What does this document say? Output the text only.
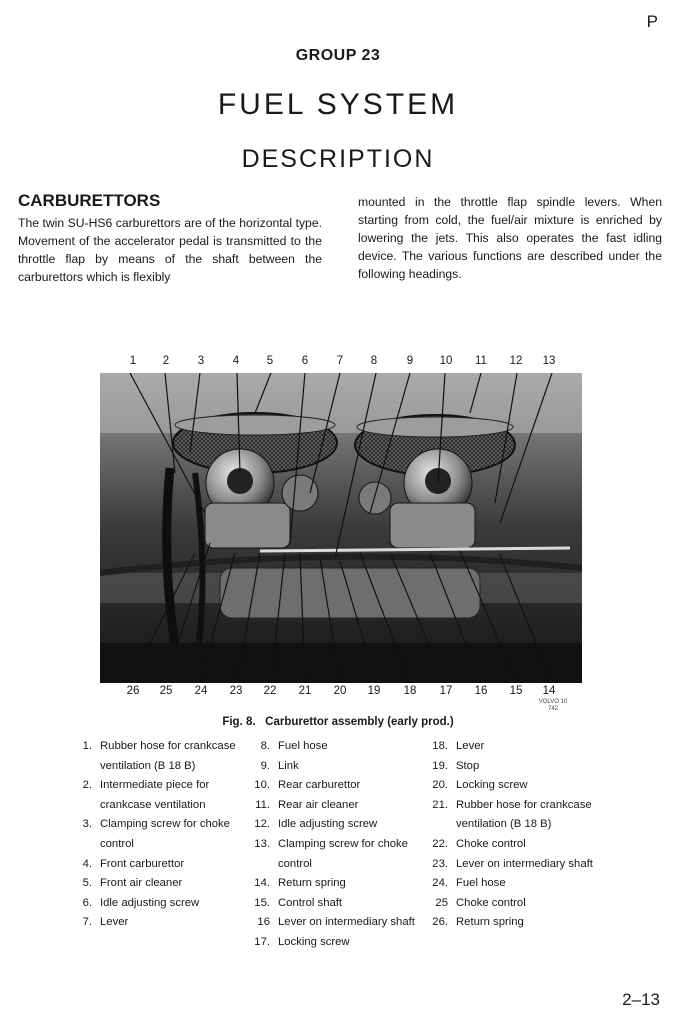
P
GROUP 23
FUEL SYSTEM
DESCRIPTION
CARBURETTORS
The twin SU-HS6 carburettors are of the horizontal type. Movement of the accelerator pedal is transmitted to the throttle flap by means of the shaft between the carburettors which is flexibly
mounted in the throttle flap spindle levers. When starting from cold, the fuel/air mixture is enriched by lowering the jets. This also operates the fast idling device. The various functions are described under the following headings.
1	2	3	4	5	6	7	8	9	10 11 12 13
26 25 24 23 22 21 20 19 18 17 16 15 14
VOLVO 10 742
Fig. 8. Carburettor assembly (early prod.)
1. Rubber hose for crankcase ventilation (B 18 B)
2. Intermediate piece for crankcase ventilation
3. Clamping screw for choke control
4. Front carburettor
5. Front air cleaner
6. Idle adjusting screw
7. Lever
8. Fuel hose
9. Link
10. Rear carburettor
11. Rear air cleaner
12. Idle adjusting screw
13. Clamping screw for choke control
14. Return spring
15. Control shaft
16 Lever on intermediary shaft
17. Locking screw
18. Lever
19. Stop
20. Locking screw
21. Rubber hose for crankcase ventilation (B 18 B)
22. Choke control
23. Lever on intermediary shaft
24. Fuel hose
25 Choke control
26. Return spring
2–13
